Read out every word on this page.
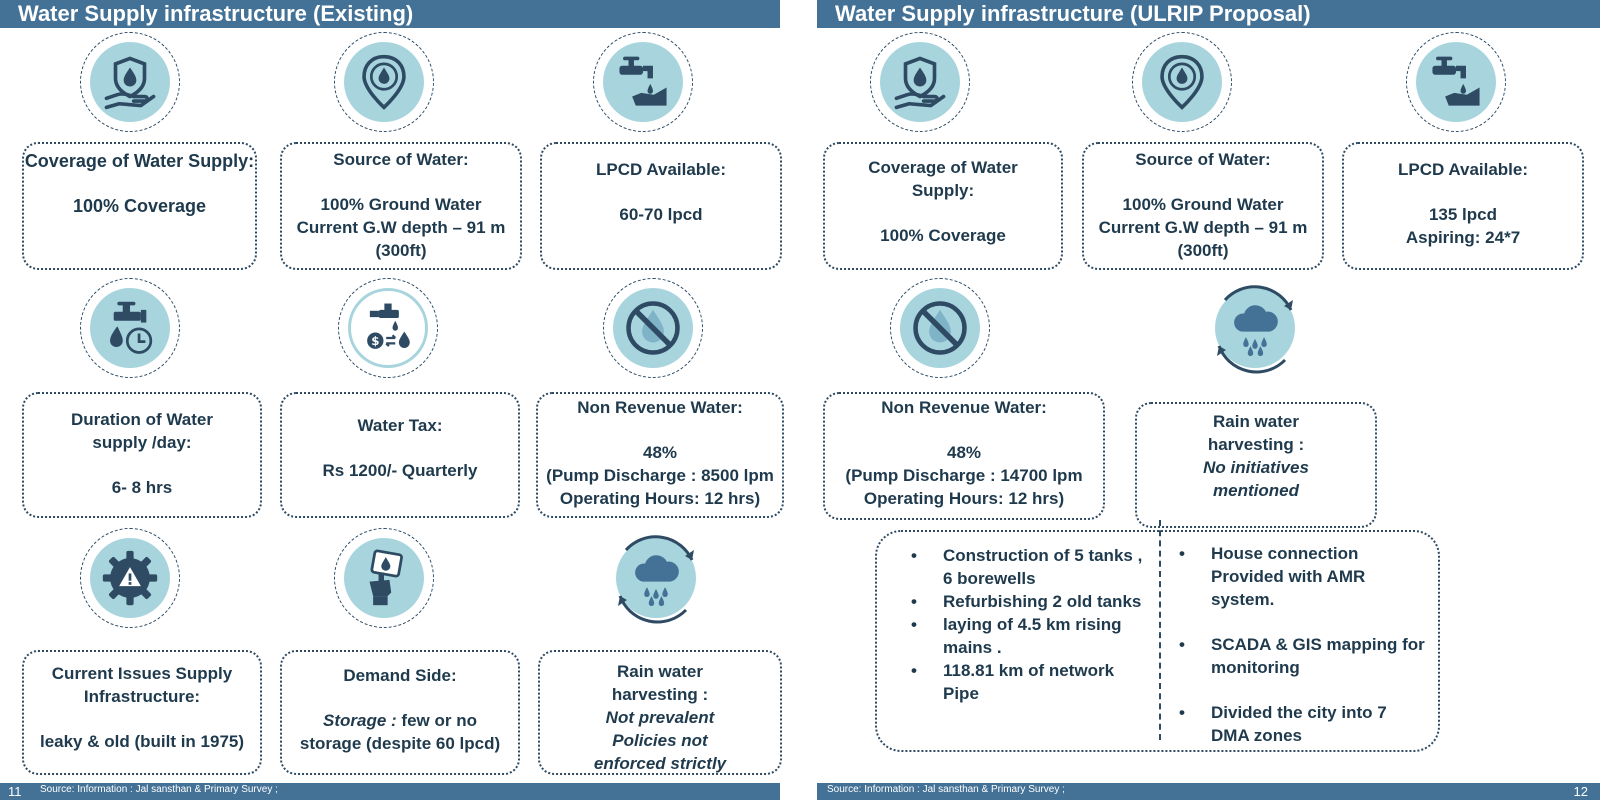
Water Supply infrastructure (Existing)
11 Source: Information : Jal sansthan & Primary Survey ;
Coverage of Water Supply:
100% Coverage
Source of Water:
100% Ground Water
Current G.W depth – 91 m
(300ft)
LPCD Available:
60-70 lpcd
Duration of Water supply /day:
6- 8 hrs
Water Tax:
Rs 1200/- Quarterly
Non Revenue Water:
48%
(Pump Discharge : 8500 lpm
Operating Hours: 12 hrs)
Current Issues Supply Infrastructure:
leaky & old (built in 1975)
Demand Side:
Storage : few or no
storage (despite 60 lpcd)
Rain water harvesting :
Not prevalent
Policies not
enforced strictly
Water Supply infrastructure (ULRIP Proposal)
Source: Information : Jal sansthan & Primary Survey ;	12
Coverage of Water Supply:
100% Coverage
Source of Water:
100% Ground Water
Current G.W depth – 91 m
(300ft)
LPCD Available:
135 lpcd
Aspiring: 24*7
Non Revenue Water:
48%
(Pump Discharge : 14700 lpm
Operating Hours: 12 hrs)
Rain water harvesting :
No initiatives
mentioned
• Construction of 5 tanks , 6 borewells
• Refurbishing 2 old tanks
• laying of 4.5 km rising mains .
• 118.81 km of network Pipe
• House connection Provided with AMR system.
• SCADA & GIS mapping for monitoring
• Divided the city into 7 DMA zones
